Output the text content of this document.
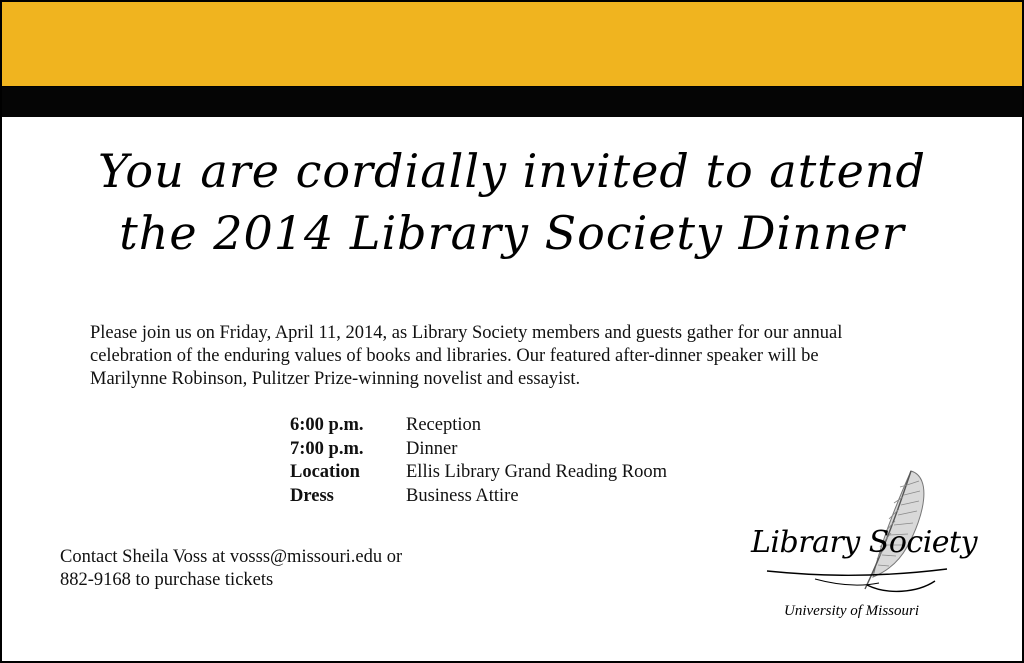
You are cordially invited to attend
the 2014 Library Society Dinner
Please join us on Friday, April 11, 2014, as Library Society members and guests gather for our annual
celebration of the enduring values of books and libraries. Our featured after-dinner speaker will be
Marilynne Robinson, Pulitzer Prize-winning novelist and essayist.
6:00 p.m.	Reception
7:00 p.m.	Dinner
Location	Ellis Library Grand Reading Room
Dress	Business Attire
Contact Sheila Voss at vosss@missouri.edu or
882-9168 to purchase tickets
Library Society
University of Missouri
